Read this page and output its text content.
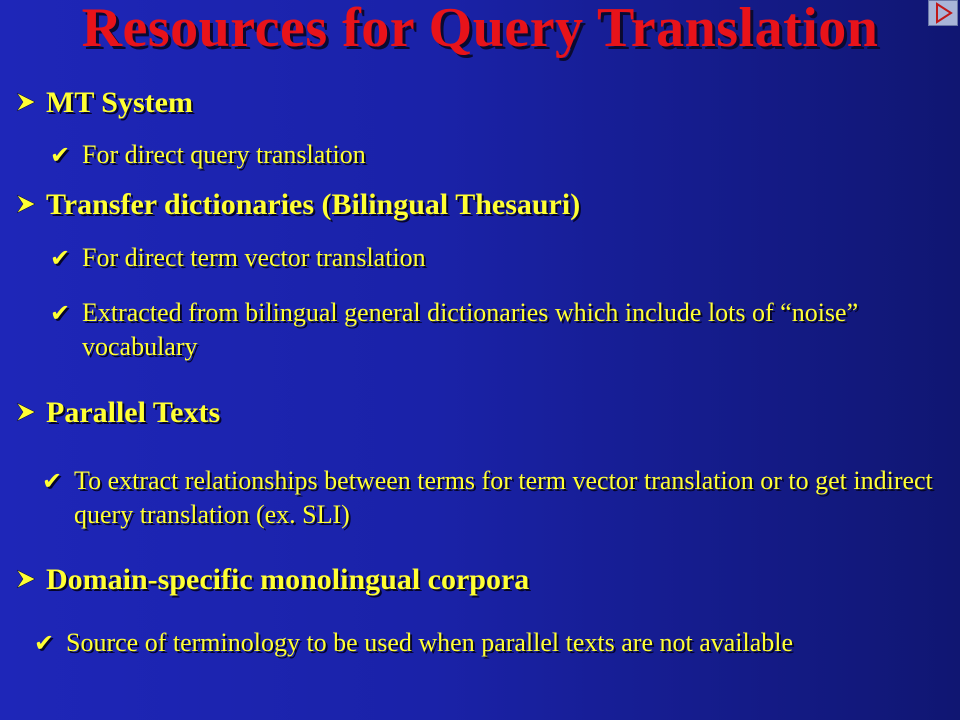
Resources for Query Translation
MT System
✔ For direct query translation
Transfer dictionaries (Bilingual Thesauri)
✔ For direct term vector translation
✔ Extracted from bilingual general dictionaries which include lots of “noise” vocabulary
Parallel Texts
✔ To extract relationships between terms for term vector translation or to get indirect query translation (ex. SLI)
Domain-specific monolingual corpora
✔ Source of terminology to be used when parallel texts are not available
